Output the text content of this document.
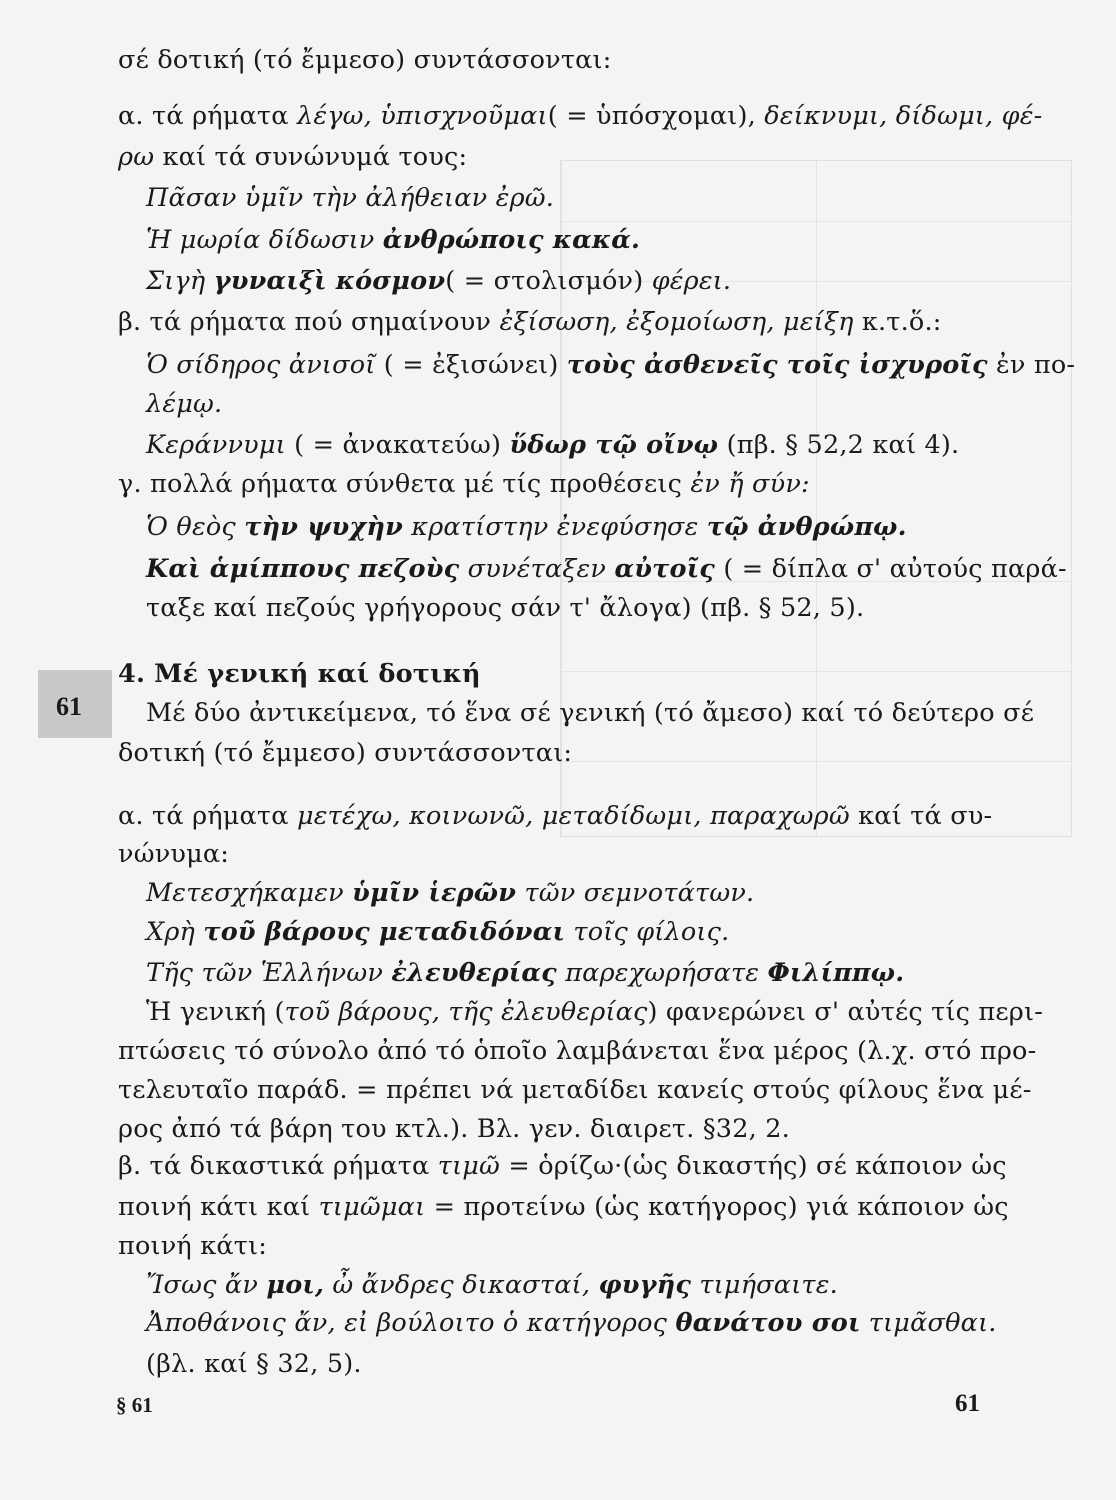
σέ δοτική (τό ἔμμεσο) συντάσσονται:
α. τά ρήματα λέγω, ὑπισχνοῦμαι( = ὑπόσχομαι), δείκνυμι, δίδωμι, φέ-
ρω καί τά συνώνυμά τους:
Πᾶσαν ὑμῖν τὴν ἀλήθειαν ἐρῶ.
Ἡ μωρία δίδωσιν ἀνθρώποις κακά.
Σιγὴ γυναιξὶ κόσμον( = στολισμόν) φέρει.
β. τά ρήματα πού σημαίνουν ἐξίσωση, ἐξομοίωση, μείξη κ.τ.ὅ.:
Ὁ σίδηρος ἀνισοῖ ( = ἐξισώνει) τοὺς ἀσθενεῖς τοῖς ἰσχυροῖς ἐν πο-
λέμῳ.
Κεράννυμι ( = ἀνακατεύω) ὕδωρ τῷ οἴνῳ (πβ. § 52,2 καί 4).
γ. πολλά ρήματα σύνθετα μέ τίς προθέσεις ἐν ἤ σύν:
Ὁ θεὸς τὴν ψυχὴν κρατίστην ἐνεφύσησε τῷ ἀνθρώπῳ.
Καὶ ἁμίππους πεζοὺς συνέταξεν αὐτοῖς ( = δίπλα σ' αὐτούς παρά-
ταξε καί πεζούς γρήγορους σάν τ' ἄλογα) (πβ. § 52, 5).
61
4. Μέ γενική καί δοτική
Μέ δύο ἀντικείμενα, τό ἕνα σέ γενική (τό ἄμεσο) καί τό δεύτερο σέ
δοτική (τό ἔμμεσο) συντάσσονται:
α. τά ρήματα μετέχω, κοινωνῶ, μεταδίδωμι, παραχωρῶ καί τά συ-
νώνυμα:
Μετεσχήκαμεν ὑμῖν ἱερῶν τῶν σεμνοτάτων.
Χρὴ τοῦ βάρους μεταδιδόναι τοῖς φίλοις.
Τῆς τῶν Ἑλλήνων ἐλευθερίας παρεχωρήσατε Φιλίππῳ.
Ἡ γενική (τοῦ βάρους, τῆς ἐλευθερίας) φανερώνει σ' αὐτές τίς περι-
πτώσεις τό σύνολο ἀπό τό ὁποῖο λαμβάνεται ἕνα μέρος (λ.χ. στό προ-
τελευταῖο παράδ. = πρέπει νά μεταδίδει κανείς στούς φίλους ἕνα μέ-
ρος ἀπό τά βάρη του κτλ.). Βλ. γεν. διαιρετ. §32, 2.
β. τά δικαστικά ρήματα τιμῶ = ὁρίζω·(ὡς δικαστής) σέ κάποιον ὡς
ποινή κάτι καί τιμῶμαι = προτείνω (ὡς κατήγορος) γιά κάποιον ὡς
ποινή κάτι:
Ἴσως ἄν μοι, ὦ ἄνδρες δικασταί, φυγῆς τιμήσαιτε.
Ἀποθάνοις ἄν, εἰ βούλοιτο ὁ κατήγορος θανάτου σοι τιμᾶσθαι.
(βλ. καί § 32, 5).
§ 61	61
